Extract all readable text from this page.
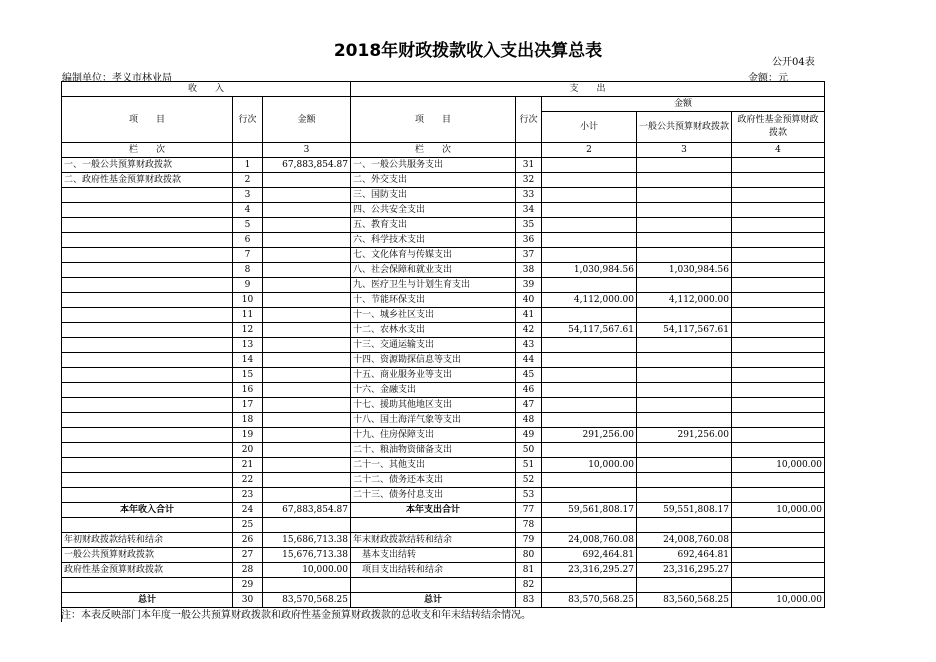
2018年财政拨款收入支出决算总表
公开04表
编制单位：孝义市林业局	金额：元
收　　入			支　　出				
项　　目	行次	金额	项　　目	行次	金额		
					小计	一般公共预算财政拨款	政府性基金预算财政拨款
栏　　次		3	栏　　次		2	3	4
一、一般公共预算财政拨款	1	67,883,854.87	一、一般公共服务支出	31			
二、政府性基金预算财政拨款	2		二、外交支出	32			
	3		三、国防支出	33			
	4		四、公共安全支出	34			
	5		五、教育支出	35			
	6		六、科学技术支出	36			
	7		七、文化体育与传媒支出	37			
	8		八、社会保障和就业支出	38	1,030,984.56	1,030,984.56	
	9		九、医疗卫生与计划生育支出	39			
	10		十、节能环保支出	40	4,112,000.00	4,112,000.00	
	11		十一、城乡社区支出	41			
	12		十二、农林水支出	42	54,117,567.61	54,117,567.61	
	13		十三、交通运输支出	43			
	14		十四、资源勘探信息等支出	44			
	15		十五、商业服务业等支出	45			
	16		十六、金融支出	46			
	17		十七、援助其他地区支出	47			
	18		十八、国土海洋气象等支出	48			
	19		十九、住房保障支出	49	291,256.00	291,256.00	
	20		二十、粮油物资储备支出	50			
	21		二十一、其他支出	51	10,000.00		10,000.00
	22		二十二、债务还本支出	52			
	23		二十三、债务付息支出	53			
本年收入合计	24	67,883,854.87	本年支出合计	77	59,561,808.17	59,551,808.17	10,000.00
	25			78			
年初财政拨款结转和结余	26	15,686,713.38	年末财政拨款结转和结余	79	24,008,760.08	24,008,760.08	
一般公共预算财政拨款	27	15,676,713.38	　基本支出结转	80	692,464.81	692,464.81	
政府性基金预算财政拨款	28	10,000.00	　项目支出结转和结余	81	23,316,295.27	23,316,295.27	
	29			82			
总计	30	83,570,568.25	总计	83	83,570,568.25	83,560,568.25	10,000.00
注：本表反映部门本年度一般公共预算财政拨款和政府性基金预算财政拨款的总收支和年末结转结余情况。
